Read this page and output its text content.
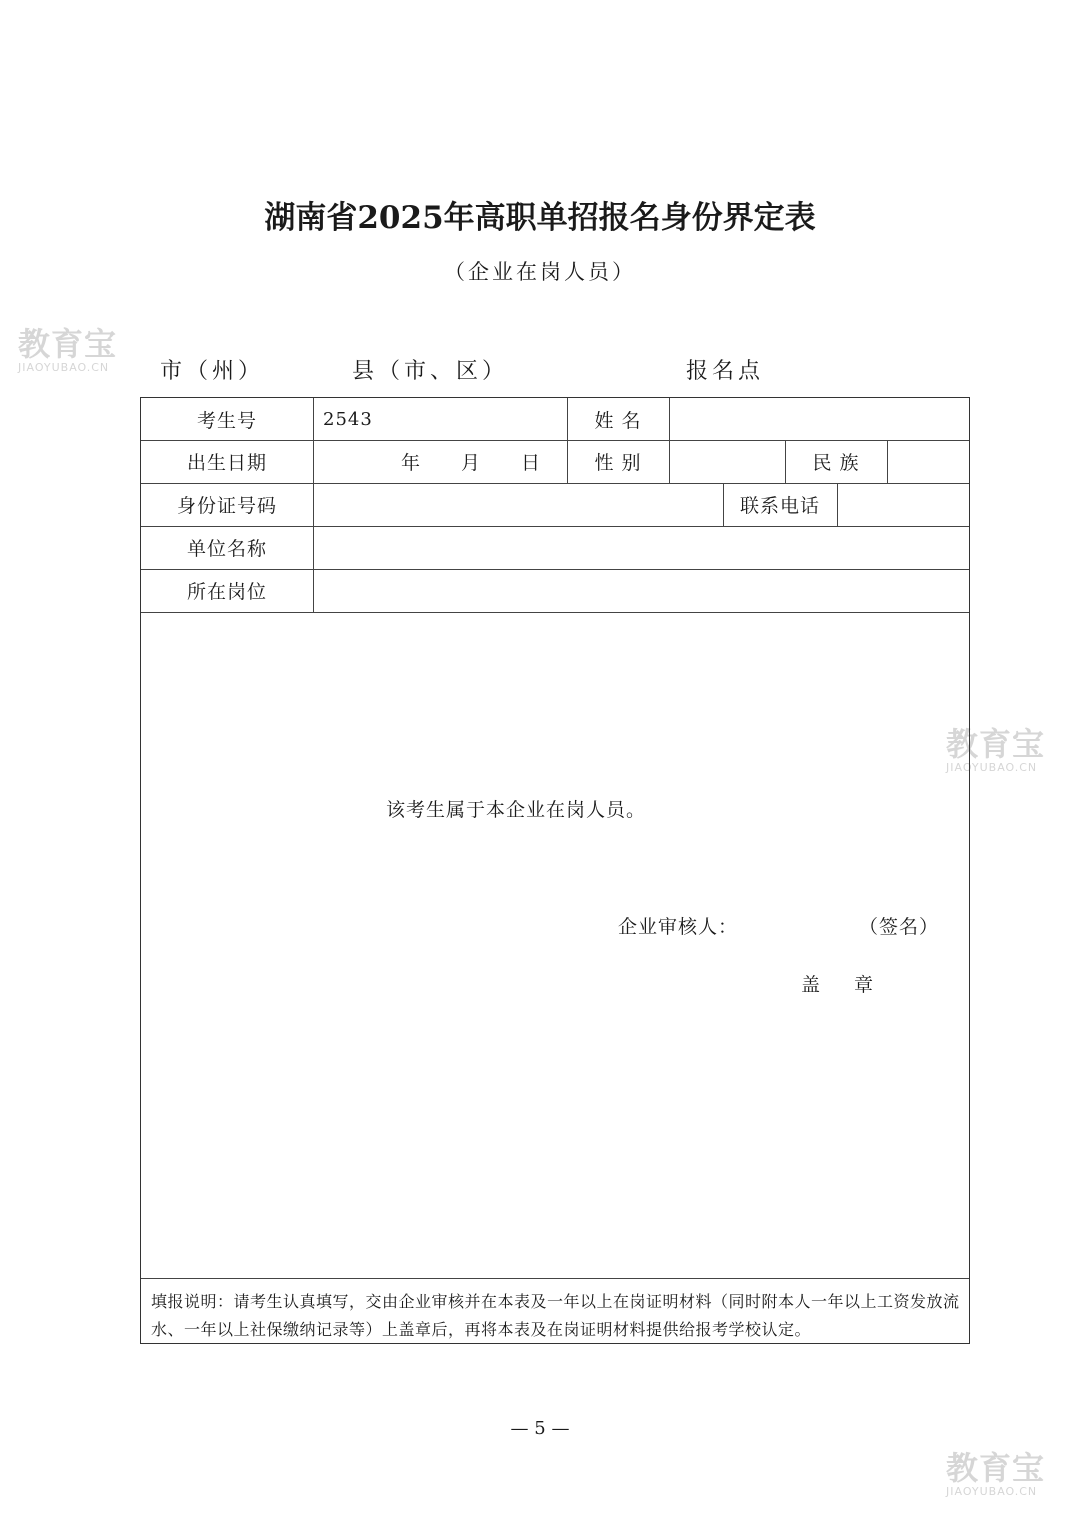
教育宝
JIAOYUBAO.CN
教育宝
JIAOYUBAO.CN
教育宝
JIAOYUBAO.CN
湖南省2025年高职单招报名身份界定表
（企业在岗人员）
市（州）	县（市、区）	报名点
考生号	2543	姓 名
出生日期	年　　月　　日	性 别	民 族
身份证号码	联系电话
单位名称
所在岗位
该考生属于本企业在岗人员。
企业审核人：	（签名）
盖 章
填报说明：请考生认真填写，交由企业审核并在本表及一年以上在岗证明材料（同时附本人一年以上工资发放流水、一年以上社保缴纳记录等）上盖章后，再将本表及在岗证明材料提供给报考学校认定。
— 5 —
